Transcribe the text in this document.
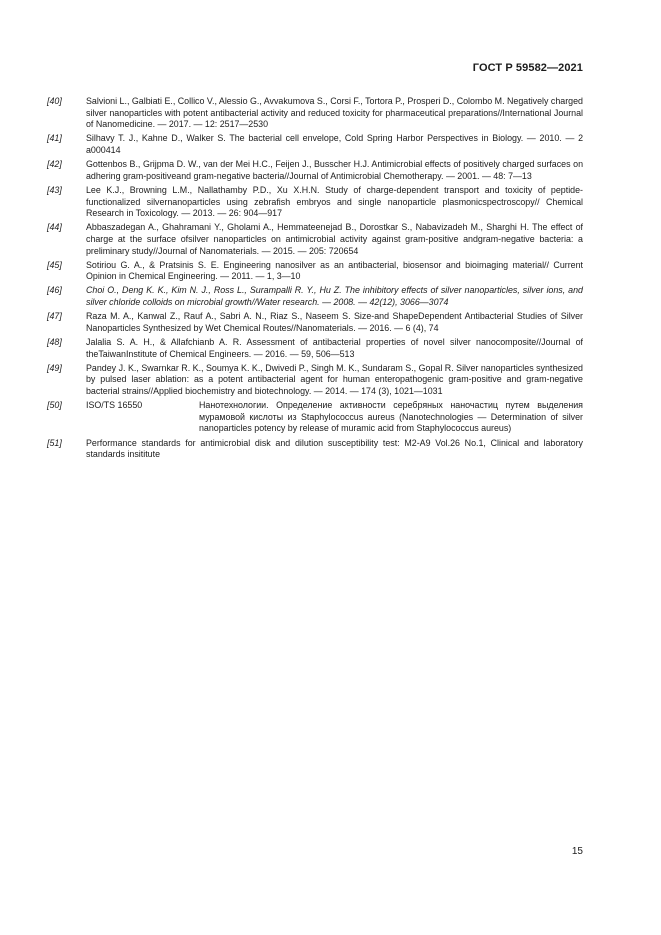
ГОСТ Р 59582—2021
[40]	Salvioni L., Galbiati E., Collico V., Alessio G., Avvakumova S., Corsi F., Tortora P., Prosperi D., Colombo M. Negatively charged silver nanoparticles with potent antibacterial activity and reduced toxicity for pharmaceutical preparations//International Journal of Nanomedicine. — 2017. — 12: 2517—2530
[41]	Silhavy T. J., Kahne D., Walker S. The bacterial cell envelope, Cold Spring Harbor Perspectives in Biology. — 2010. — 2 a000414
[42]	Gottenbos B., Grijpma D. W., van der Mei H.C., Feijen J., Busscher H.J. Antimicrobial effects of positively charged surfaces on adhering gram-positiveand gram-negative bacteria//Journal of Antimicrobial Chemotherapy. — 2001. — 48: 7—13
[43]	Lee K.J., Browning L.M., Nallathamby P.D., Xu X.H.N. Study of charge-dependent transport and toxicity of peptide-functionalized silvernanoparticles using zebrafish embryos and single nanoparticle plasmonicspectroscopy// Chemical Research in Toxicology. — 2013. — 26: 904—917
[44]	Abbaszadegan A., Ghahramani Y., Gholami A., Hemmateenejad B., Dorostkar S., Nabavizadeh M., Sharghi H. The effect of charge at the surface ofsilver nanoparticles on antimicrobial activity against gram-positive andgram-negative bacteria: a preliminary study//Journal of Nanomaterials. — 2015. — 205: 720654
[45]	Sotiriou G. A., & Pratsinis S. E. Engineering nanosilver as an antibacterial, biosensor and bioimaging material// Current Opinion in Chemical Engineering. — 2011. — 1, 3—10
[46]	Choi O., Deng K. K., Kim N. J., Ross L., Surampalli R. Y., Hu Z. The inhibitory effects of silver nanoparticles, silver ions, and silver chloride colloids on microbial growth//Water research. — 2008. — 42(12), 3066—3074
[47]	Raza M. A., Kanwal Z., Rauf A., Sabri A. N., Riaz S., Naseem S. Size-and ShapeDependent Antibacterial Studies of Silver Nanoparticles Synthesized by Wet Chemical Routes//Nanomaterials. — 2016. — 6 (4), 74
[48]	Jalalia S. A. H., & Allafchianb A. R. Assessment of antibacterial properties of novel silver nanocomposite//Journal of theTaiwanInstitute of Chemical Engineers. — 2016. — 59, 506—513
[49]	Pandey J. K., Swarnkar R. K., Soumya K. K., Dwivedi P., Singh M. K., Sundaram S., Gopal R. Silver nanoparticles synthesized by pulsed laser ablation: as a potent antibacterial agent for human enteropathogenic gram-positive and gram-negative bacterial strains//Applied biochemistry and biotechnology. — 2014. — 174 (3), 1021—1031
[50]	ISO/TS 16550	Нанотехнологии. Определение активности серебряных наночастиц путем выделения мурамовой кислоты из Staphylococcus aureus (Nanotechnologies — Determination of silver nanoparticles potency by release of muramic acid from Staphylococcus aureus)
[51]	Performance standards for antimicrobial disk and dilution susceptibility test: M2-A9 Vol.26 No.1, Clinical and laboratory standards insititute
15
